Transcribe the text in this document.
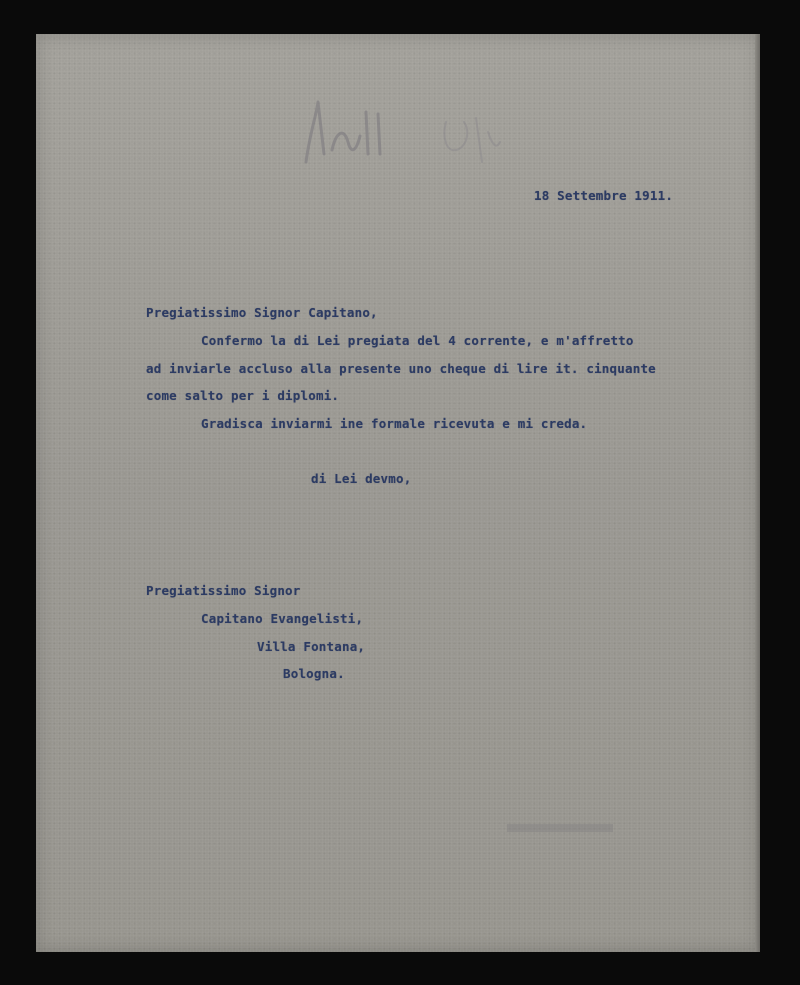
18 Settembre 1911.

Pregiatissimo Signor Capitano,

Confermo la di Lei pregiata del 4 corrente, e m'affretto

ad inviarle accluso alla presente uno cheque di lire it. cinquante

come salto per i diplomi.

Gradisca inviarmi ine formale ricevuta e mi creda.

di Lei devmo,

Pregiatissimo Signor

Capitano Evangelisti,

Villa Fontana,

Bologna.
